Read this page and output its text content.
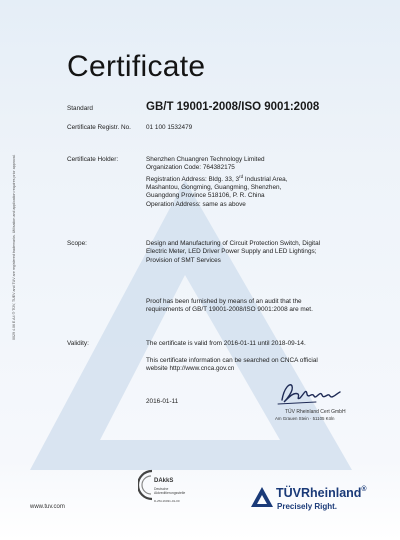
Certificate
Standard	GB/T 19001-2008/ISO 9001:2008
Certificate Registr. No. 01 100 1532479
Certificate Holder:	Shenzhen Chuangren Technology Limited
Organization Code: 764382175
Registration Address: Bldg. 33, 3rd Industrial Area,
Mashantou, Gongming, Guangming, Shenzhen,
Guangdong Province 518106, P. R. China
Operation Address: same as above
Scope:	Design and Manufacturing of Circuit Protection Switch, Digital
Electric Meter, LED Driver Power Supply and LED Lightings;
Provision of SMT Services
Proof has been furnished by means of an audit that the
requirements of GB/T 19001-2008/ISO 9001:2008 are met.
Validity:	The certificate is valid from 2016-01-11 until 2018-09-14.
This certificate information can be searched on CNCA official
website http://www.cnca.gov.cn
2016-01-11
TÜV Rheinland Cert GmbH
Am Grauen Stein · 51105 Köln
0029 4.06 E A4 ® TÜV, TUEV and TUV are registered trademarks. Utilisation and application requires prior approval.
www.tuv.com
DAkkS
Deutsche
Akkreditierungsstelle
D-ZM-16031-01-00
TÜVRheinland®
Precisely Right.
